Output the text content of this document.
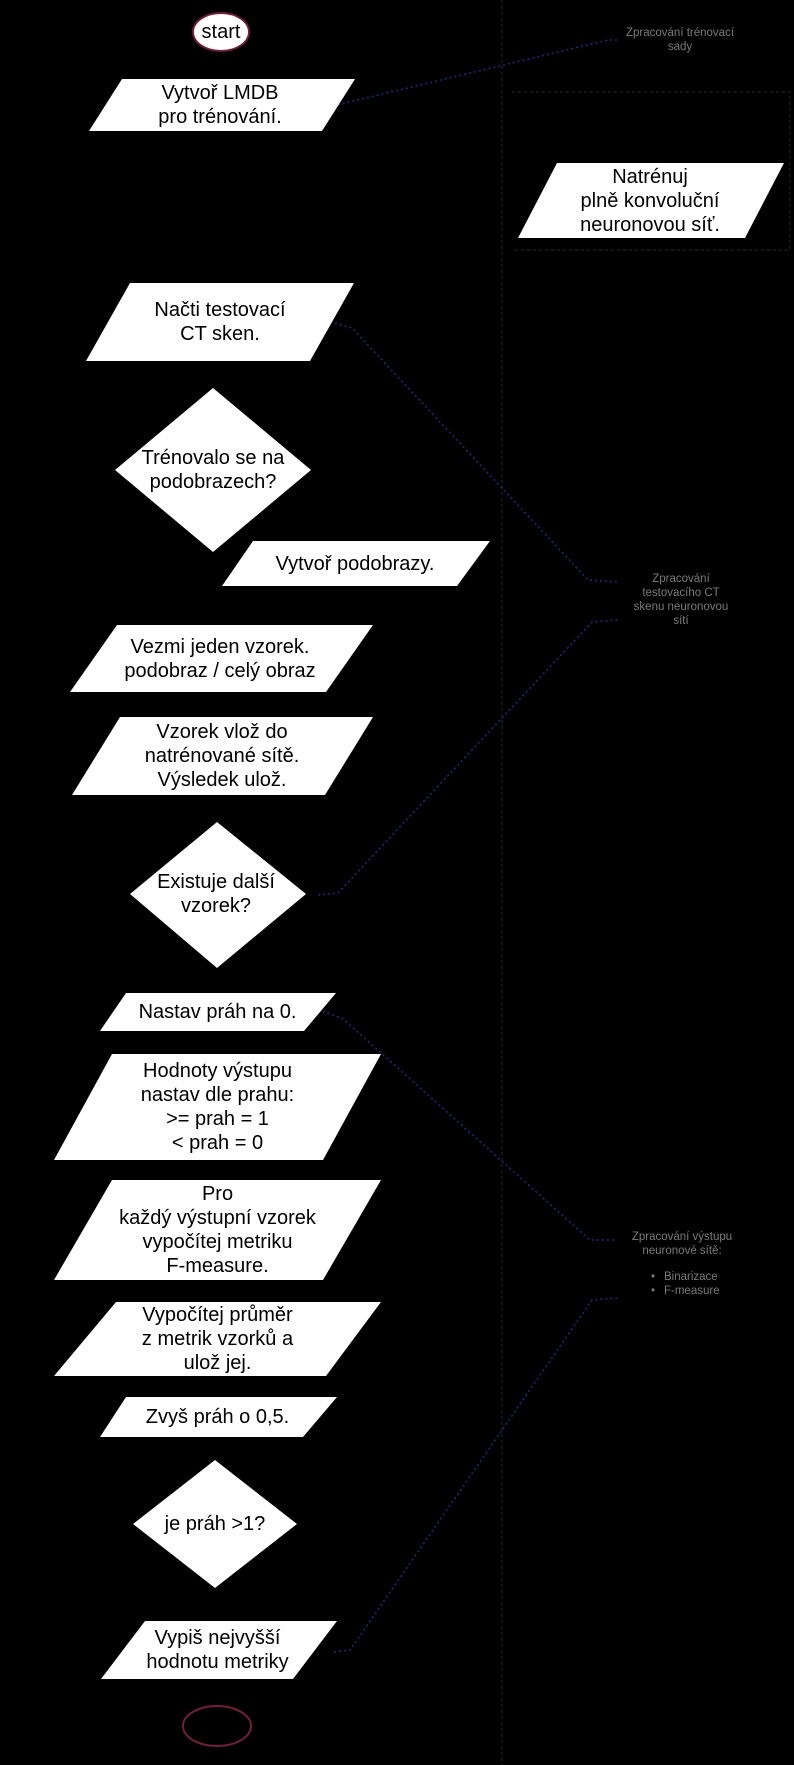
start
Vytvoř LMDB
pro trénování.
Natrénuj
plně konvoluční
neuronovou síť.
Načti testovací
CT sken.
Trénovalo se na
podobrazech?
Vytvoř podobrazy.
Vezmi jeden vzorek.
podobraz / celý obraz
Vzorek vlož do
natrénované sítě.
Výsledek ulož.
Existuje další
vzorek?
Nastav práh na 0.
Hodnoty výstupu
nastav dle prahu:
>= prah = 1
< prah = 0
Pro
každý výstupní vzorek
vypočítej metriku
F-measure.
Vypočítej průměr
z metrik vzorků a
ulož jej.
Zvyš práh o 0,5.
je práh >1?
Vypiš nejvyšší
hodnotu metriky
Zpracování trénovací
sady
Zpracování
testovacího CT
skenu neuronovou
sítí
Zpracování výstupu
neuronové sítě:
• Binarizace
• F-measure
